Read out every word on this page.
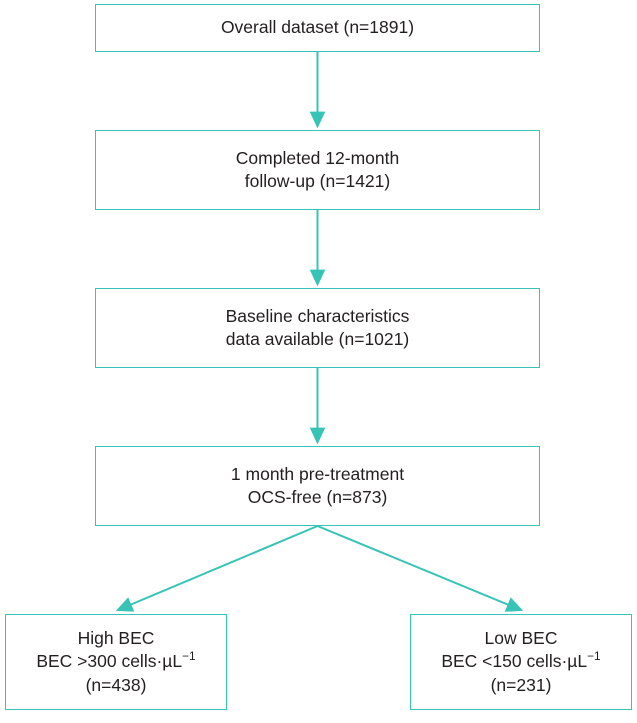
Overall dataset (n=1891)
Completed 12-month
follow-up (n=1421)
Baseline characteristics
data available (n=1021)
1 month pre-treatment
OCS-free (n=873)
High BEC
BEC >300 cells·µL$^{-1}$
(n=438)
Low BEC
BEC <150 cells·µL$^{-1}$
(n=231)
